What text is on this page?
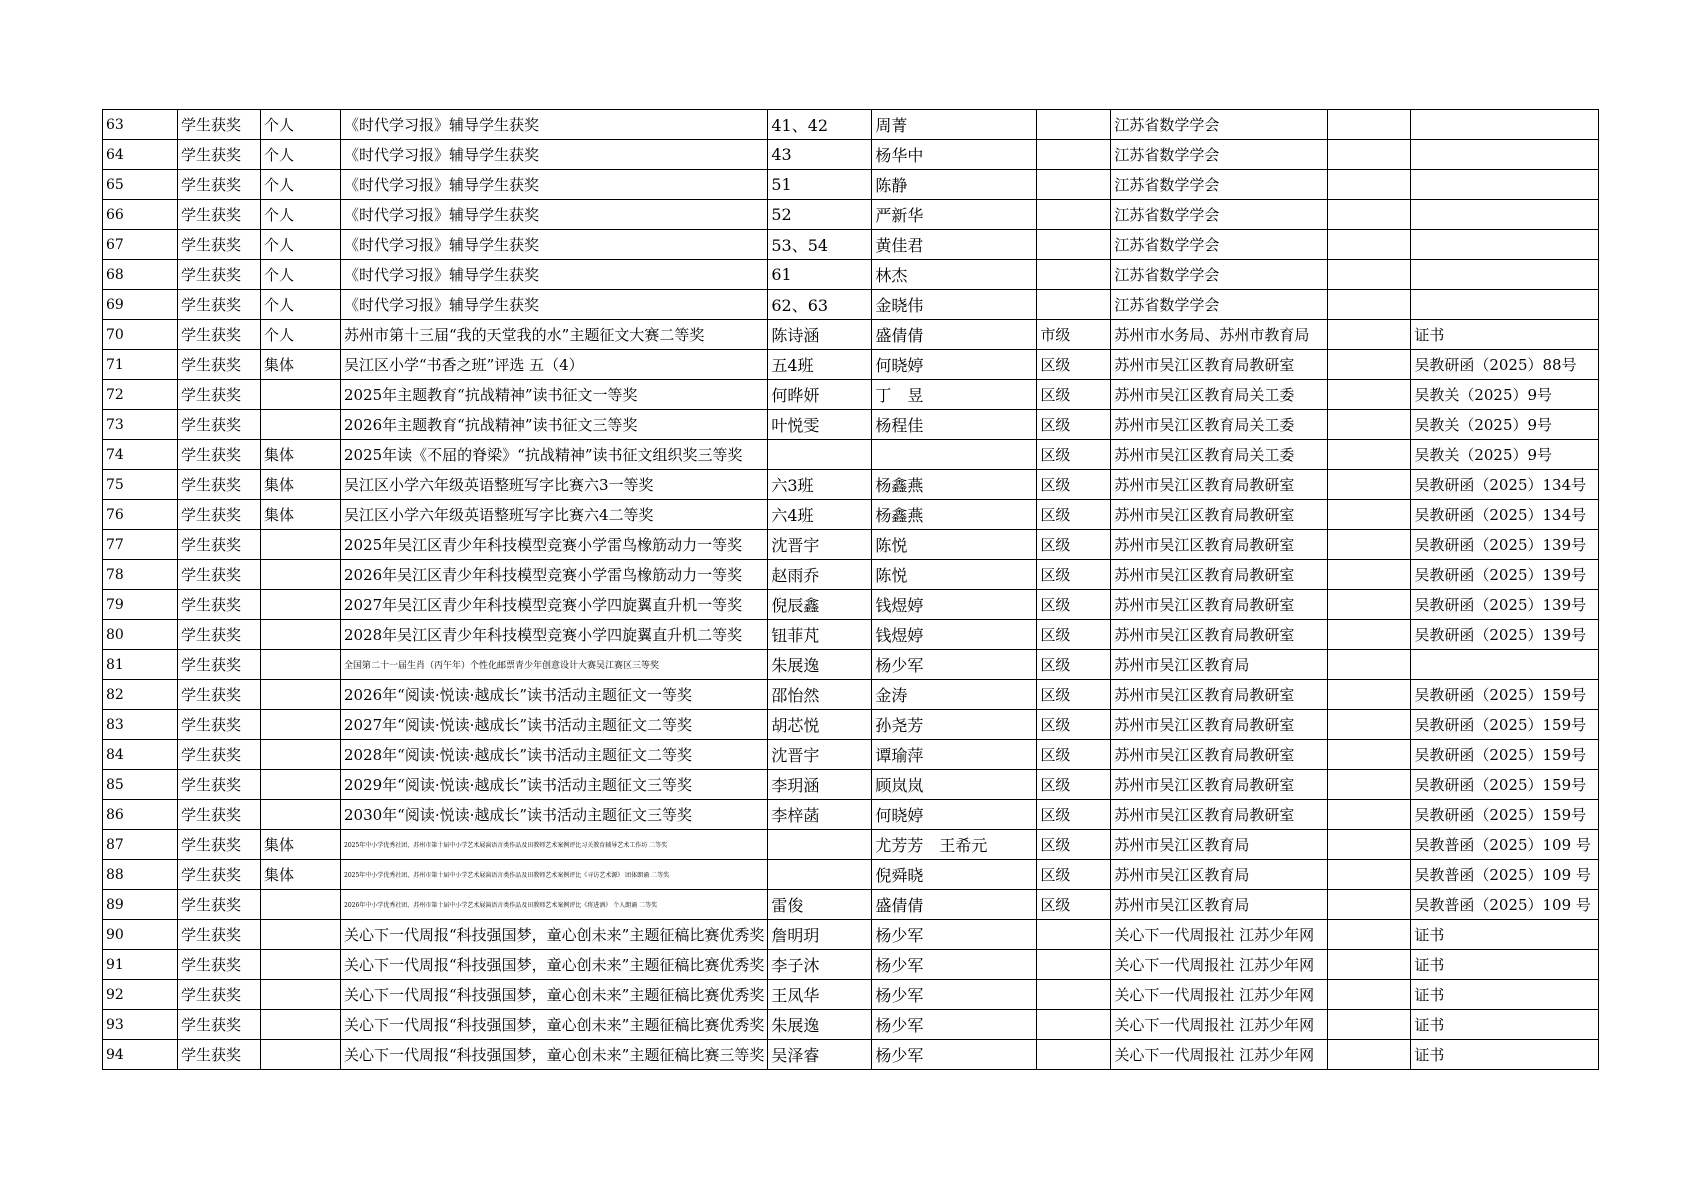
63	学生获奖	个人	《时代学习报》辅导学生获奖	41、42	周菁		江苏省数学学会		
64	学生获奖	个人	《时代学习报》辅导学生获奖	43	杨华中		江苏省数学学会		
65	学生获奖	个人	《时代学习报》辅导学生获奖	51	陈静		江苏省数学学会		
66	学生获奖	个人	《时代学习报》辅导学生获奖	52	严新华		江苏省数学学会		
67	学生获奖	个人	《时代学习报》辅导学生获奖	53、54	黄佳君		江苏省数学学会		
68	学生获奖	个人	《时代学习报》辅导学生获奖	61	林杰		江苏省数学学会		
69	学生获奖	个人	《时代学习报》辅导学生获奖	62、63	金晓伟		江苏省数学学会		
70	学生获奖	个人	苏州市第十三届“我的天堂我的水”主题征文大赛二等奖	陈诗涵	盛倩倩	市级	苏州市水务局、苏州市教育局		证书
71	学生获奖	集体	吴江区小学“书香之班”评选 五（4）	五4班	何晓婷	区级	苏州市吴江区教育局教研室		吴教研函（2025）88号
72	学生获奖		2025年主题教育“抗战精神”读书征文一等奖	何晔妍	丁　昱	区级	苏州市吴江区教育局关工委		吴教关（2025）9号
73	学生获奖		2026年主题教育“抗战精神”读书征文三等奖	叶悦雯	杨程佳	区级	苏州市吴江区教育局关工委		吴教关（2025）9号
74	学生获奖	集体	2025年读《不屈的脊梁》“抗战精神”读书征文组织奖三等奖			区级	苏州市吴江区教育局关工委		吴教关（2025）9号
75	学生获奖	集体	吴江区小学六年级英语整班写字比赛六3一等奖	六3班	杨鑫燕	区级	苏州市吴江区教育局教研室		吴教研函（2025）134号
76	学生获奖	集体	吴江区小学六年级英语整班写字比赛六4二等奖	六4班	杨鑫燕	区级	苏州市吴江区教育局教研室		吴教研函（2025）134号
77	学生获奖		2025年吴江区青少年科技模型竞赛小学雷鸟橡筋动力一等奖	沈晋宇	陈悦	区级	苏州市吴江区教育局教研室		吴教研函（2025）139号
78	学生获奖		2026年吴江区青少年科技模型竞赛小学雷鸟橡筋动力一等奖	赵雨乔	陈悦	区级	苏州市吴江区教育局教研室		吴教研函（2025）139号
79	学生获奖		2027年吴江区青少年科技模型竞赛小学四旋翼直升机一等奖	倪辰鑫	钱煜婷	区级	苏州市吴江区教育局教研室		吴教研函（2025）139号
80	学生获奖		2028年吴江区青少年科技模型竞赛小学四旋翼直升机二等奖	钮菲芃	钱煜婷	区级	苏州市吴江区教育局教研室		吴教研函（2025）139号
81	学生获奖		全国第二十一届生肖（丙午年）个性化邮票青少年创意设计大赛吴江赛区三等奖	朱展逸	杨少军	区级	苏州市吴江区教育局		
82	学生获奖		2026年“阅读·悦读·越成长”读书活动主题征文一等奖	邵怡然	金涛	区级	苏州市吴江区教育局教研室		吴教研函（2025）159号
83	学生获奖		2027年“阅读·悦读·越成长”读书活动主题征文二等奖	胡芯悦	孙尧芳	区级	苏州市吴江区教育局教研室		吴教研函（2025）159号
84	学生获奖		2028年“阅读·悦读·越成长”读书活动主题征文二等奖	沈晋宇	谭瑜萍	区级	苏州市吴江区教育局教研室		吴教研函（2025）159号
85	学生获奖		2029年“阅读·悦读·越成长”读书活动主题征文三等奖	李玥涵	顾岚岚	区级	苏州市吴江区教育局教研室		吴教研函（2025）159号
86	学生获奖		2030年“阅读·悦读·越成长”读书活动主题征文三等奖	李梓菡	何晓婷	区级	苏州市吴江区教育局教研室		吴教研函（2025）159号
87	学生获奖	集体	2025年中小学优秀社团、苏州市第十届中小学艺术展演语言类作品及田教师艺术案例评比习关教育辅导艺术工作坊 二等奖		尤芳芳　王希元	区级	苏州市吴江区教育局		吴教普函（2025）109 号
88	学生获奖	集体	2025年中小学优秀社团、苏州市第十届中小学艺术展演语言类作品及田教师艺术案例评比《寻访艺术源》 团体朗诵 二等奖		倪舜晓	区级	苏州市吴江区教育局		吴教普函（2025）109 号
89	学生获奖		2026年中小学优秀社团、苏州市第十届中小学艺术展演语言类作品及田教师艺术案例评比《将进酒》 个人朗诵 二等奖	雷俊	盛倩倩	区级	苏州市吴江区教育局		吴教普函（2025）109 号
90	学生获奖		关心下一代周报“科技强国梦，童心创未来”主题征稿比赛优秀奖	詹明玥	杨少军		关心下一代周报社 江苏少年网		证书
91	学生获奖		关心下一代周报“科技强国梦，童心创未来”主题征稿比赛优秀奖	李子沐	杨少军		关心下一代周报社 江苏少年网		证书
92	学生获奖		关心下一代周报“科技强国梦，童心创未来”主题征稿比赛优秀奖	王凤华	杨少军		关心下一代周报社 江苏少年网		证书
93	学生获奖		关心下一代周报“科技强国梦，童心创未来”主题征稿比赛优秀奖	朱展逸	杨少军		关心下一代周报社 江苏少年网		证书
94	学生获奖		关心下一代周报“科技强国梦，童心创未来”主题征稿比赛三等奖	吴泽睿	杨少军		关心下一代周报社 江苏少年网		证书
